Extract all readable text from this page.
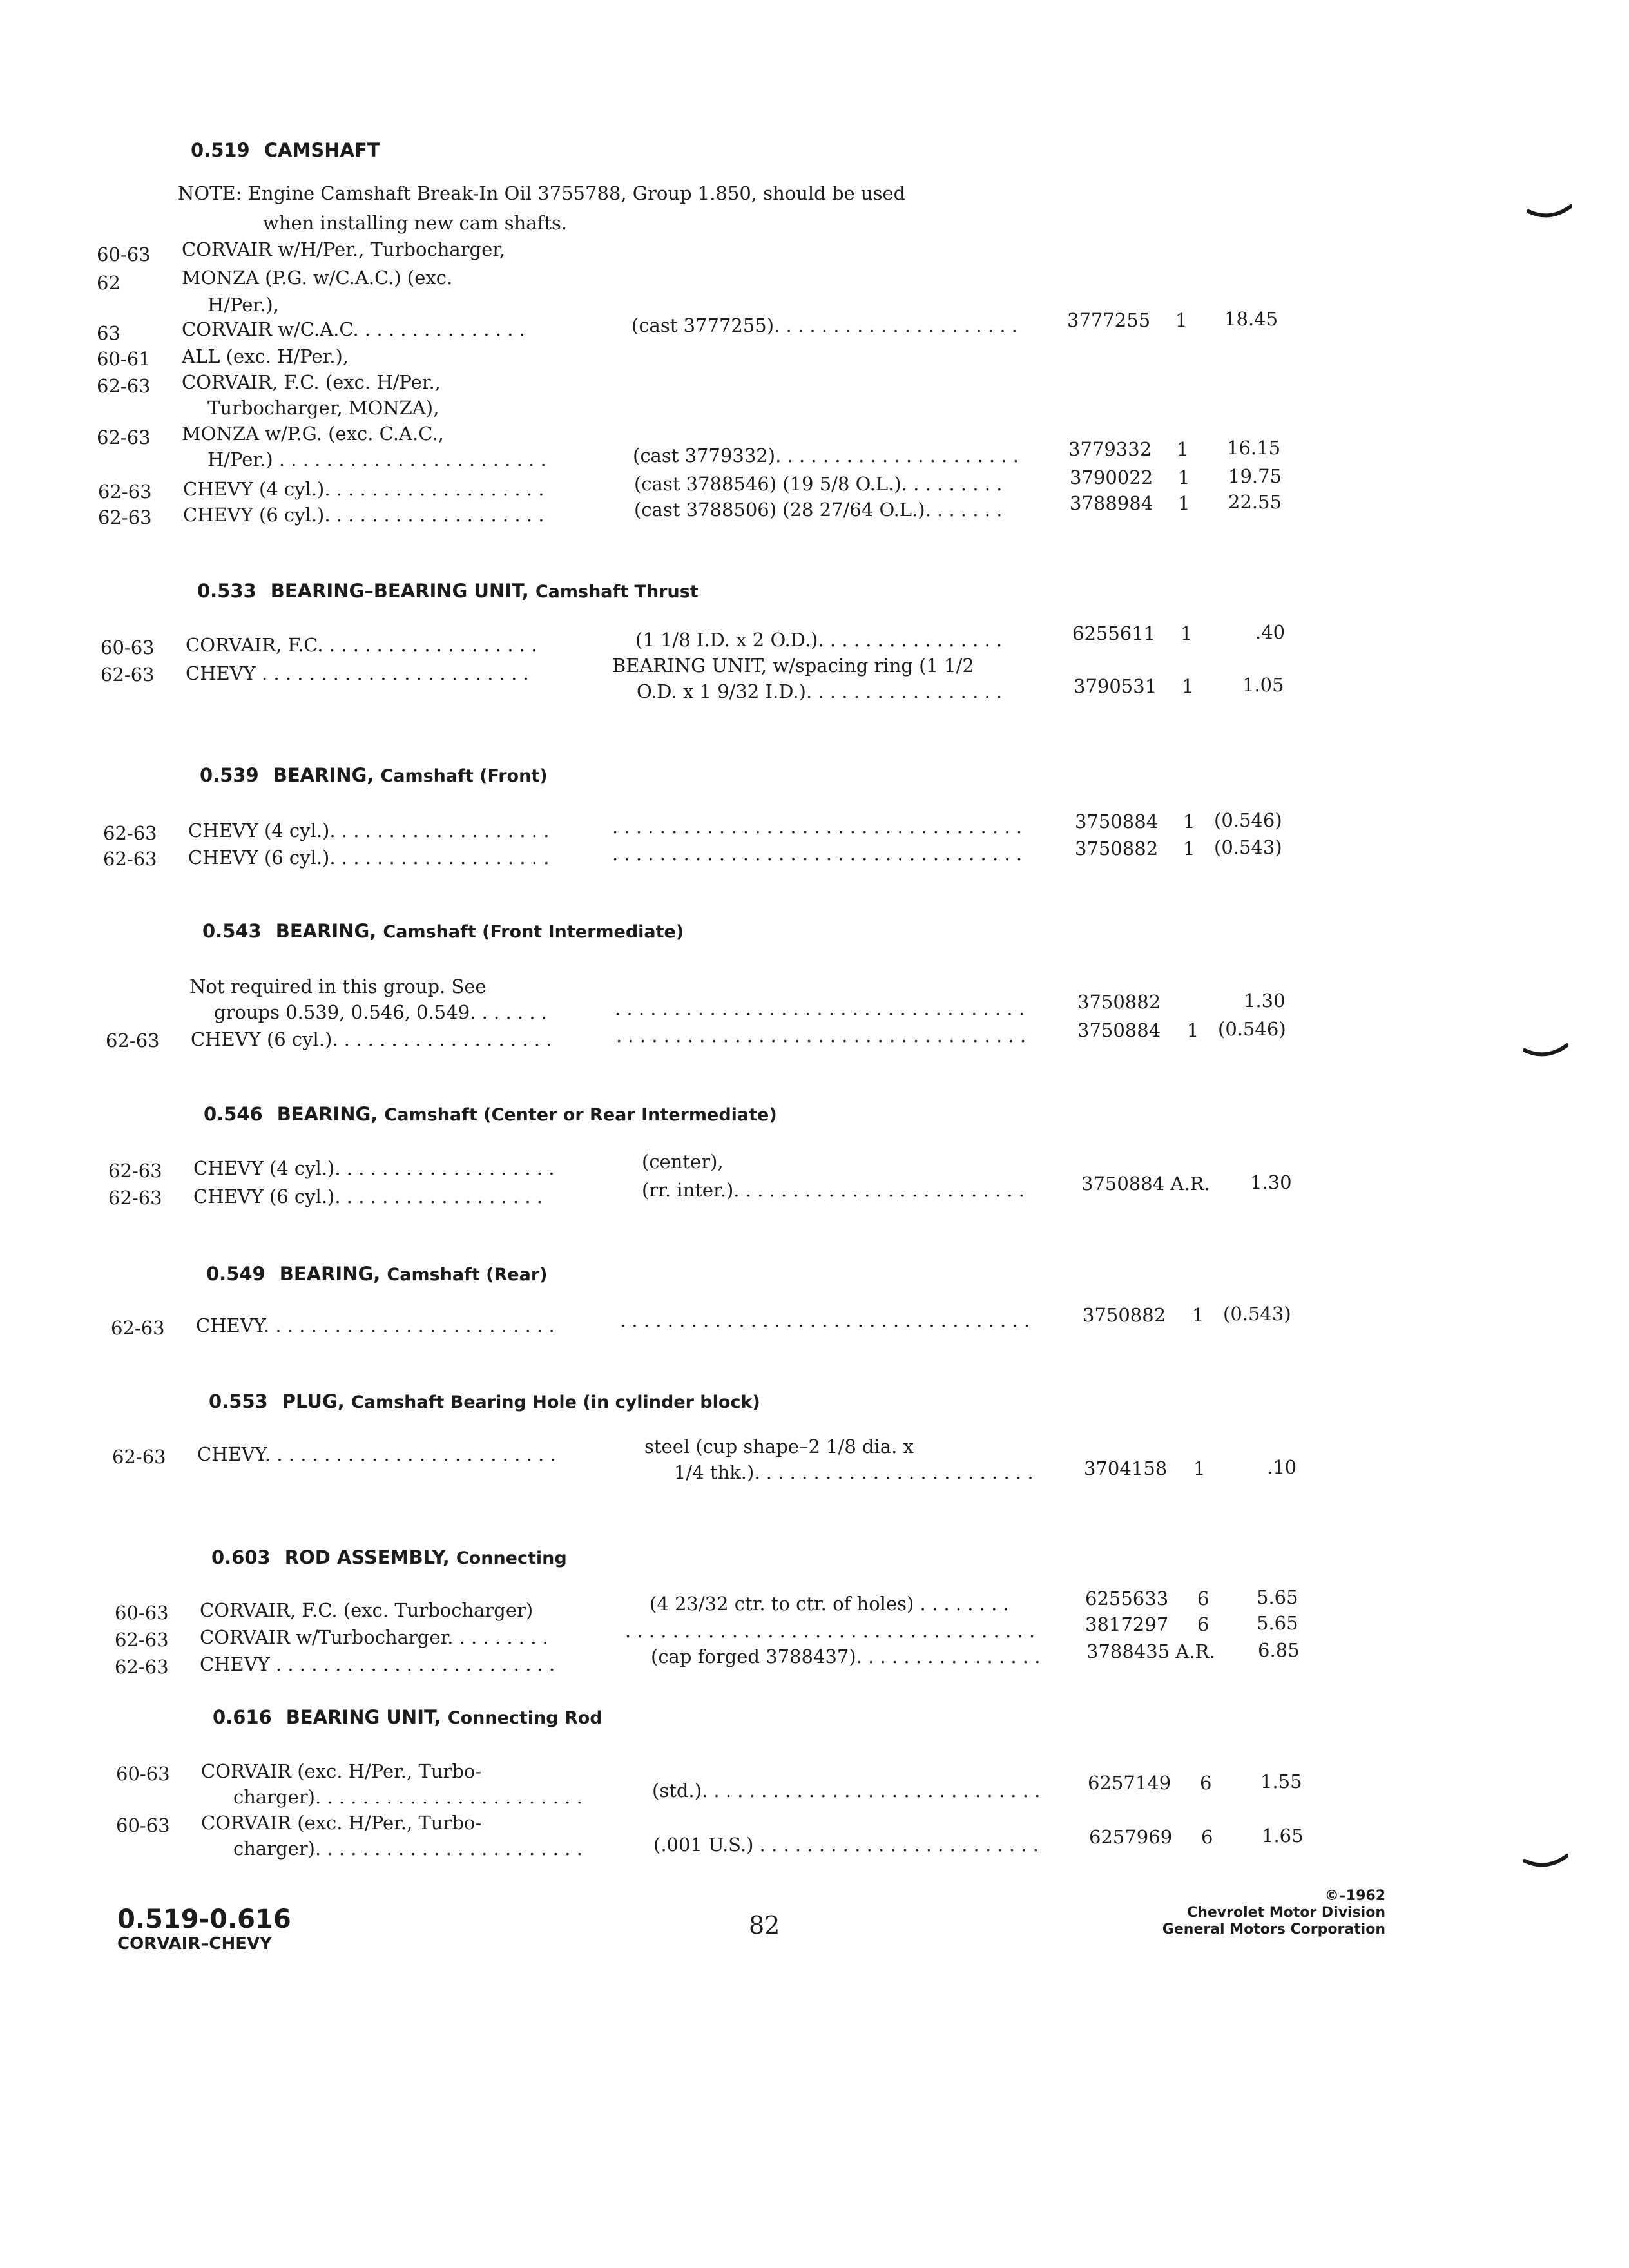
0.519 CAMSHAFT
NOTE: Engine Camshaft Break-In Oil 3755788, Group 1.850, should be used
when installing new cam shafts.
60-63 CORVAIR w/H/Per., Turbocharger,
62	MONZA (P.G. w/C.A.C.) (exc.
H/Per.),
63	CORVAIR w/C.A.C. . . . . . . . . . . . . . .	(cast 3777255). . . . . . . . . . . . . . . . . . . . .	3777255 1 18.45
60-61 ALL (exc. H/Per.),
62-63 CORVAIR, F.C. (exc. H/Per.,
Turbocharger, MONZA),
62-63 MONZA w/P.G. (exc. C.A.C.,
H/Per.) . . . . . . . . . . . . . . . . . . . . . . .	(cast 3779332). . . . . . . . . . . . . . . . . . . . .	3779332 1 16.15
62-63 CHEVY (4 cyl.). . . . . . . . . . . . . . . . . . .	(cast 3788546) (19 5/8 O.L.). . . . . . . . .	3790022 1 19.75
62-63 CHEVY (6 cyl.). . . . . . . . . . . . . . . . . . .	(cast 3788506) (28 27/64 O.L.). . . . . . .	3788984 1 22.55
0.533 BEARING–BEARING UNIT, Camshaft Thrust
60-63 CORVAIR, F.C. . . . . . . . . . . . . . . . . . .	(1 1/8 I.D. x 2 O.D.). . . . . . . . . . . . . . . .	6255611 1	.40
62-63 CHEVY . . . . . . . . . . . . . . . . . . . . . . .	BEARING UNIT, w/spacing ring (1 1/2
O.D. x 1 9/32 I.D.). . . . . . . . . . . . . . . . .	3790531 1	1.05
0.539 BEARING, Camshaft (Front)
62-63 CHEVY (4 cyl.). . . . . . . . . . . . . . . . . . .	. . . . . . . . . . . . . . . . . . . . . . . . . . . . . . . . . . .	3750884 1 (0.546)
62-63 CHEVY (6 cyl.). . . . . . . . . . . . . . . . . . .	. . . . . . . . . . . . . . . . . . . . . . . . . . . . . . . . . . .	3750882 1 (0.543)
0.543 BEARING, Camshaft (Front Intermediate)
Not required in this group. See
groups 0.539, 0.546, 0.549. . . . . . .	. . . . . . . . . . . . . . . . . . . . . . . . . . . . . . . . . . .	3750882	1.30
62-63 CHEVY (6 cyl.). . . . . . . . . . . . . . . . . . .	. . . . . . . . . . . . . . . . . . . . . . . . . . . . . . . . . . .	3750884 1 (0.546)
0.546 BEARING, Camshaft (Center or Rear Intermediate)
62-63 CHEVY (4 cyl.). . . . . . . . . . . . . . . . . . .	(center),
62-63 CHEVY (6 cyl.). . . . . . . . . . . . . . . . . .	(rr. inter.). . . . . . . . . . . . . . . . . . . . . . . . .	3750884 A.R. 1.30
0.549 BEARING, Camshaft (Rear)
62-63 CHEVY. . . . . . . . . . . . . . . . . . . . . . . . .	. . . . . . . . . . . . . . . . . . . . . . . . . . . . . . . . . . .	3750882 1 (0.543)
0.553 PLUG, Camshaft Bearing Hole (in cylinder block)
62-63 CHEVY. . . . . . . . . . . . . . . . . . . . . . . . .	steel (cup shape–2 1/8 dia. x
1/4 thk.). . . . . . . . . . . . . . . . . . . . . . . .	3704158 1	.10
0.603 ROD ASSEMBLY, Connecting
60-63 CORVAIR, F.C. (exc. Turbocharger)	(4 23/32 ctr. to ctr. of holes) . . . . . . . .	6255633 6	5.65
62-63 CORVAIR w/Turbocharger. . . . . . . . .	. . . . . . . . . . . . . . . . . . . . . . . . . . . . . . . . . . .	3817297 6	5.65
62-63 CHEVY . . . . . . . . . . . . . . . . . . . . . . . .	(cap forged 3788437). . . . . . . . . . . . . . . . 3788435 A.R. 6.85
0.616 BEARING UNIT, Connecting Rod
60-63 CORVAIR (exc. H/Per., Turbo-
charger). . . . . . . . . . . . . . . . . . . . . . .	(std.). . . . . . . . . . . . . . . . . . . . . . . . . . . . .	6257149 6	1.55
60-63 CORVAIR (exc. H/Per., Turbo-
charger). . . . . . . . . . . . . . . . . . . . . . .	(.001 U.S.) . . . . . . . . . . . . . . . . . . . . . . . .	6257969 6	1.65
0.519-0.616
CORVAIR–CHEVY
82
©–1962
Chevrolet Motor Division
General Motors Corporation
